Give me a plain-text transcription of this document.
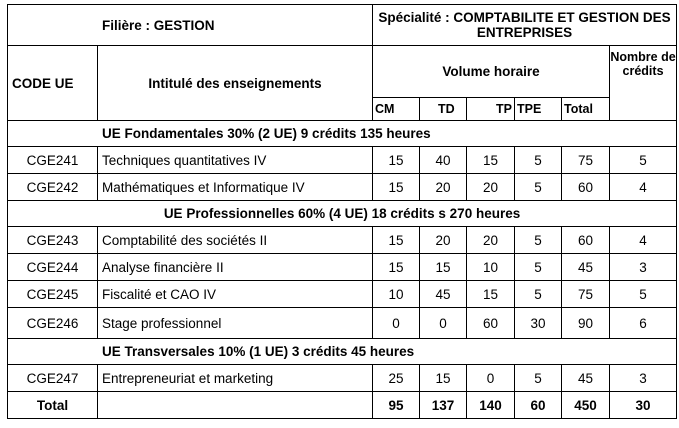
Filière : GESTION		Spécialité : COMPTABILITE ET GESTION DES ENTREPRISES					
CODE UE	Intitulé des enseignements	Volume horaire					Nombre de crédits
		CM	TD	TP	TPE	Total	
UE Fondamentales 30% (2 UE) 9 crédits 135 heures							
CGE241	Techniques quantitatives IV	15	40	15	5	75	5
CGE242	Mathématiques et Informatique IV	15	20	20	5	60	4
UE Professionnelles 60% (4 UE) 18 crédits s 270 heures							
CGE243	Comptabilité des sociétés II	15	20	20	5	60	4
CGE244	Analyse financière II	15	15	10	5	45	3
CGE245	Fiscalité et CAO IV	10	45	15	5	75	5
CGE246	Stage professionnel	0	0	60	30	90	6
UE Transversales 10% (1 UE) 3 crédits 45 heures							
CGE247	Entrepreneuriat et marketing	25	15	0	5	45	3
Total		95	137	140	60	450	30
